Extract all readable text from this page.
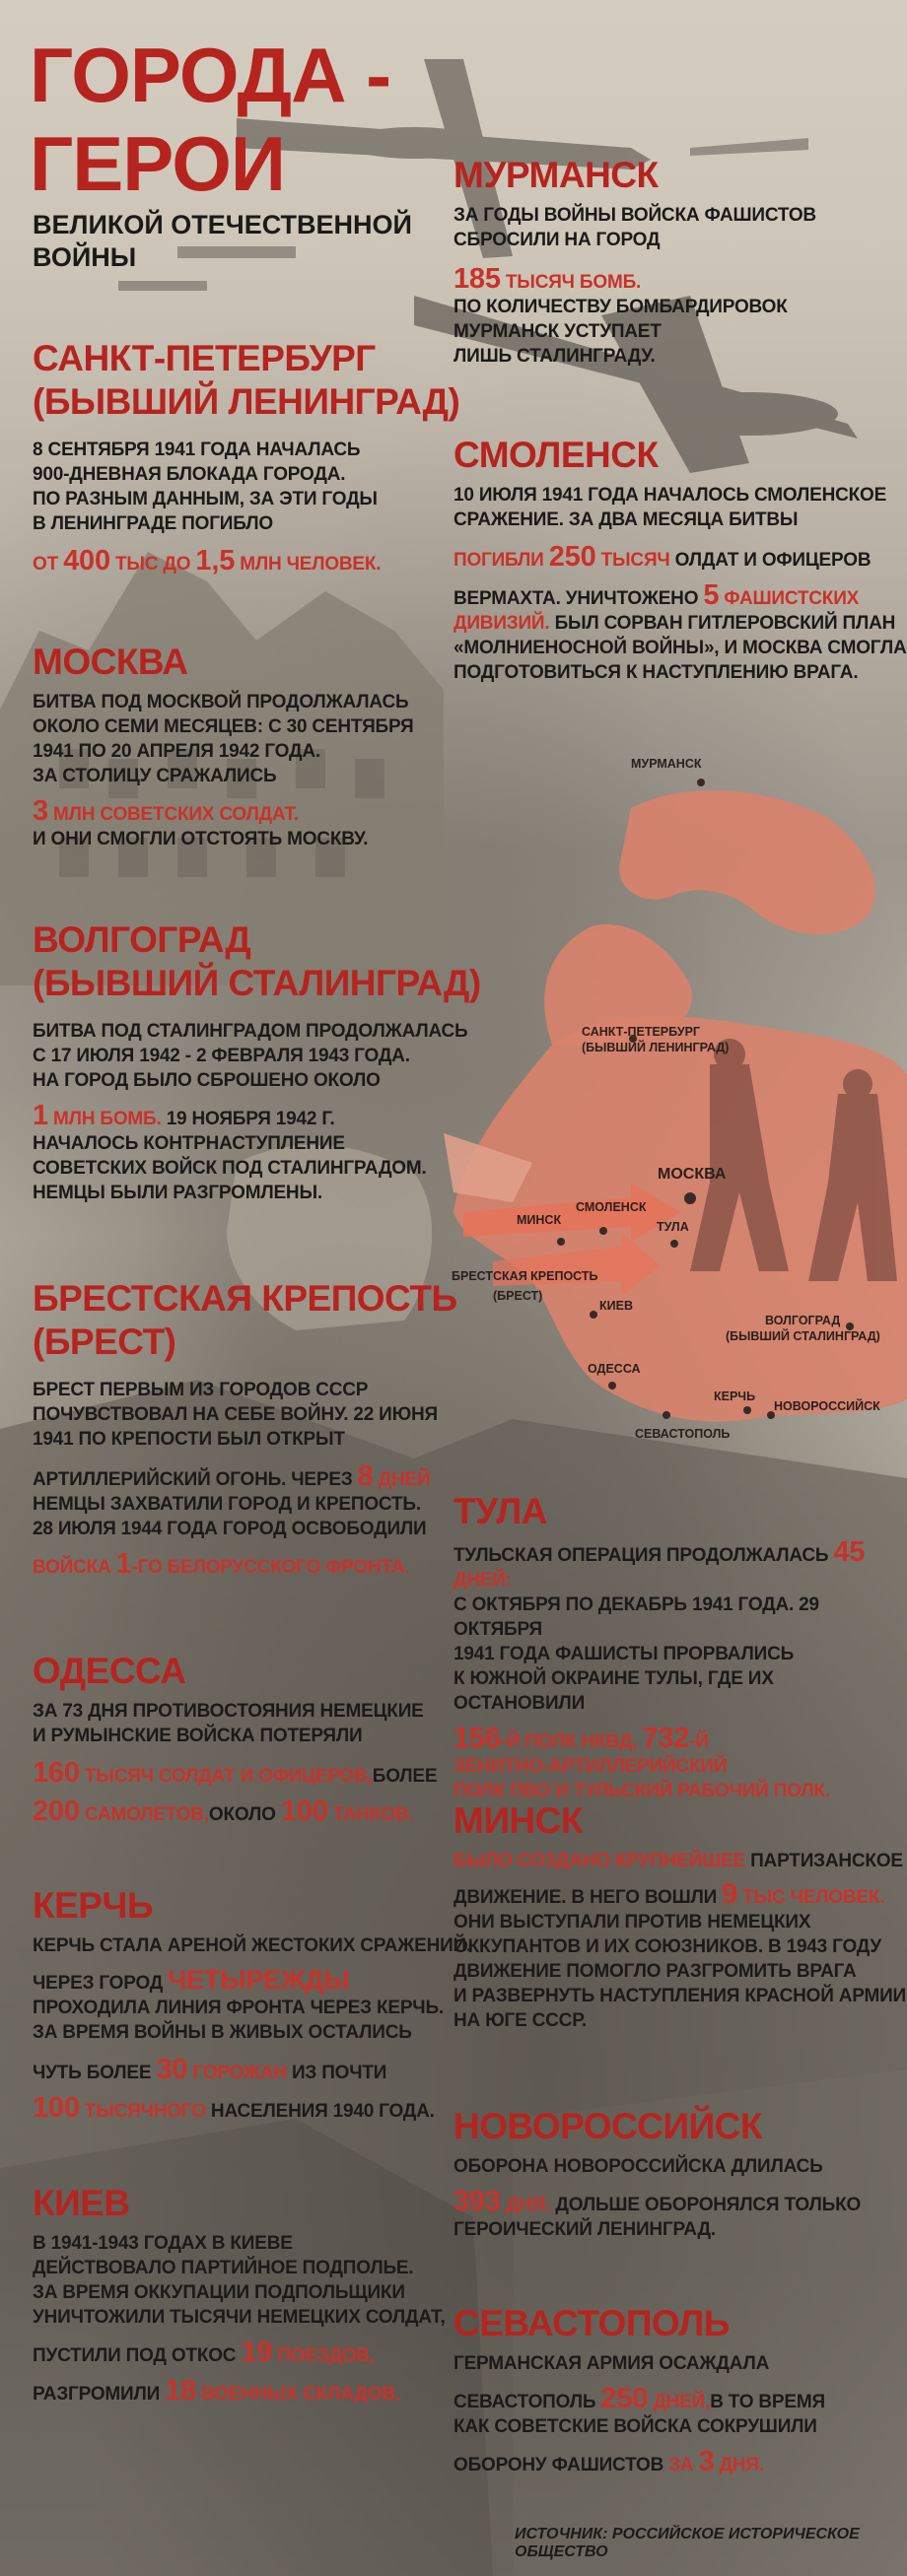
МУРМАНСК
САНКТ-ПЕТЕРБУРГ
(БЫВШИЙ ЛЕНИНГРАД)
МОСКВА
СМОЛЕНСК
МИНСК	ТУЛА
БРЕСТСКАЯ КРЕПОСТЬ
(БРЕСТ)
КИЕВ
ВОЛГОГРАД
(БЫВШИЙ СТАЛИНГРАД)
ОДЕССА
КЕРЧЬ
НОВОРОССИЙСК
СЕВАСТОПОЛЬ
ГОРОДА -
ГЕРОИ
ВЕЛИКОЙ ОТЕЧЕСТВЕННОЙ
ВОЙНЫ
САНКТ-ПЕТЕРБУРГ
(БЫВШИЙ ЛЕНИНГРАД)
8 СЕНТЯБРЯ 1941 ГОДА НАЧАЛАСЬ
900-ДНЕВНАЯ БЛОКАДА ГОРОДА.
ПО РАЗНЫМ ДАННЫМ, ЗА ЭТИ ГОДЫ
В ЛЕНИНГРАДЕ ПОГИБЛО
ОТ 400 ТЫС ДО 1,5 МЛН ЧЕЛОВЕК.
МОСКВА
БИТВА ПОД МОСКВОЙ ПРОДОЛЖАЛАСЬ
ОКОЛО СЕМИ МЕСЯЦЕВ: С 30 СЕНТЯБРЯ
1941 ПО 20 АПРЕЛЯ 1942 ГОДА.
ЗА СТОЛИЦУ СРАЖАЛИСЬ
3 МЛН СОВЕТСКИХ СОЛДАТ.
И ОНИ СМОГЛИ ОТСТОЯТЬ МОСКВУ.
ВОЛГОГРАД
(БЫВШИЙ СТАЛИНГРАД)
БИТВА ПОД СТАЛИНГРАДОМ ПРОДОЛЖАЛАСЬ
С 17 ИЮЛЯ 1942 - 2 ФЕВРАЛЯ 1943 ГОДА.
НА ГОРОД БЫЛО СБРОШЕНО ОКОЛО
1 МЛН БОМБ. 19 НОЯБРЯ 1942 Г.
НАЧАЛОСЬ КОНТРНАСТУПЛЕНИЕ
СОВЕТСКИХ ВОЙСК ПОД СТАЛИНГРАДОМ.
НЕМЦЫ БЫЛИ РАЗГРОМЛЕНЫ.
БРЕСТСКАЯ КРЕПОСТЬ
(БРЕСТ)
БРЕСТ ПЕРВЫМ ИЗ ГОРОДОВ СССР
ПОЧУВСТВОВАЛ НА СЕБЕ ВОЙНУ. 22 ИЮНЯ
1941 ПО КРЕПОСТИ БЫЛ ОТКРЫТ
АРТИЛЛЕРИЙСКИЙ ОГОНЬ. ЧЕРЕЗ 8 ДНЕЙ
НЕМЦЫ ЗАХВАТИЛИ ГОРОД И КРЕПОСТЬ.
28 ИЮЛЯ 1944 ГОДА ГОРОД ОСВОБОДИЛИ
ВОЙСКА 1-ГО БЕЛОРУССКОГО ФРОНТА.
ОДЕССА
ЗА 73 ДНЯ ПРОТИВОСТОЯНИЯ НЕМЕЦКИЕ
И РУМЫНСКИЕ ВОЙСКА ПОТЕРЯЛИ
160 ТЫСЯЧ СОЛДАТ И ОФИЦЕРОВ,БОЛЕЕ
200 САМОЛЕТОВ,ОКОЛО 100 ТАНКОВ.
КЕРЧЬ
КЕРЧЬ СТАЛА АРЕНОЙ ЖЕСТОКИХ СРАЖЕНИЙ.
ЧЕРЕЗ ГОРОД ЧЕТЫРЕЖДЫ
ПРОХОДИЛА ЛИНИЯ ФРОНТА ЧЕРЕЗ КЕРЧЬ.
ЗА ВРЕМЯ ВОЙНЫ В ЖИВЫХ ОСТАЛИСЬ
ЧУТЬ БОЛЕЕ 30 ГОРОЖАН ИЗ ПОЧТИ
100 ТЫСЯЧНОГО НАСЕЛЕНИЯ 1940 ГОДА.
КИЕВ
В 1941-1943 ГОДАХ В КИЕВЕ
ДЕЙСТВОВАЛО ПАРТИЙНОЕ ПОДПОЛЬЕ.
ЗА ВРЕМЯ ОККУПАЦИИ ПОДПОЛЬЩИКИ
УНИЧТОЖИЛИ ТЫСЯЧИ НЕМЕЦКИХ СОЛДАТ,
ПУСТИЛИ ПОД ОТКОС 19 ПОЕЗДОВ,
РАЗГРОМИЛИ 18 ВОЕННЫХ СКЛАДОВ.
МУРМАНСК
ЗА ГОДЫ ВОЙНЫ ВОЙСКА ФАШИСТОВ
СБРОСИЛИ НА ГОРОД
185 ТЫСЯЧ БОМБ.
ПО КОЛИЧЕСТВУ БОМБАРДИРОВОК
МУРМАНСК УСТУПАЕТ
ЛИШЬ СТАЛИНГРАДУ.
СМОЛЕНСК
10 ИЮЛЯ 1941 ГОДА НАЧАЛОСЬ СМОЛЕНСКОЕ
СРАЖЕНИЕ. ЗА ДВА МЕСЯЦА БИТВЫ
ПОГИБЛИ 250 ТЫСЯЧ ОЛДАТ И ОФИЦЕРОВ
ВЕРМАХТА. УНИЧТОЖЕНО 5 ФАШИСТСКИХ
ДИВИЗИЙ. БЫЛ СОРВАН ГИТЛЕРОВСКИЙ ПЛАН
«МОЛНИЕНОСНОЙ ВОЙНЫ», И МОСКВА СМОГЛА
ПОДГОТОВИТЬСЯ К НАСТУПЛЕНИЮ ВРАГА.
ТУЛА
ТУЛЬСКАЯ ОПЕРАЦИЯ ПРОДОЛЖАЛАСЬ 45 ДНЕЙ:
С ОКТЯБРЯ ПО ДЕКАБРЬ 1941 ГОДА. 29 ОКТЯБРЯ
1941 ГОДА ФАШИСТЫ ПРОРВАЛИСЬ
К ЮЖНОЙ ОКРАИНЕ ТУЛЫ, ГДЕ ИХ ОСТАНОВИЛИ
156-Й ПОЛК НКВД, 732-Й
ЗЕНИТНО-АРТИЛЛЕРИЙСКИЙ
ПОЛК ПВО И ТУЛЬСКИЙ РАБОЧИЙ ПОЛК.
МИНСК
БЫЛО СОЗДАНО КРУПНЕЙШЕЕ ПАРТИЗАНСКОЕ
ДВИЖЕНИЕ. В НЕГО ВОШЛИ 9 ТЫС ЧЕЛОВЕК.
ОНИ ВЫСТУПАЛИ ПРОТИВ НЕМЕЦКИХ
ОККУПАНТОВ И ИХ СОЮЗНИКОВ. В 1943 ГОДУ
ДВИЖЕНИЕ ПОМОГЛО РАЗГРОМИТЬ ВРАГА
И РАЗВЕРНУТЬ НАСТУПЛЕНИЯ КРАСНОЙ АРМИИ
НА ЮГЕ СССР.
НОВОРОССИЙСК
ОБОРОНА НОВОРОССИЙСКА ДЛИЛАСЬ
393 ДНЯ. ДОЛЬШЕ ОБОРОНЯЛСЯ ТОЛЬКО
ГЕРОИЧЕСКИЙ ЛЕНИНГРАД.
СЕВАСТОПОЛЬ
ГЕРМАНСКАЯ АРМИЯ ОСАЖДАЛА
СЕВАСТОПОЛЬ 250 ДНЕЙ,В ТО ВРЕМЯ
КАК СОВЕТСКИЕ ВОЙСКА СОКРУШИЛИ
ОБОРОНУ ФАШИСТОВ ЗА 3 ДНЯ.
ИСТОЧНИК: РОССИЙСКОЕ ИСТОРИЧЕСКОЕ ОБЩЕСТВО
